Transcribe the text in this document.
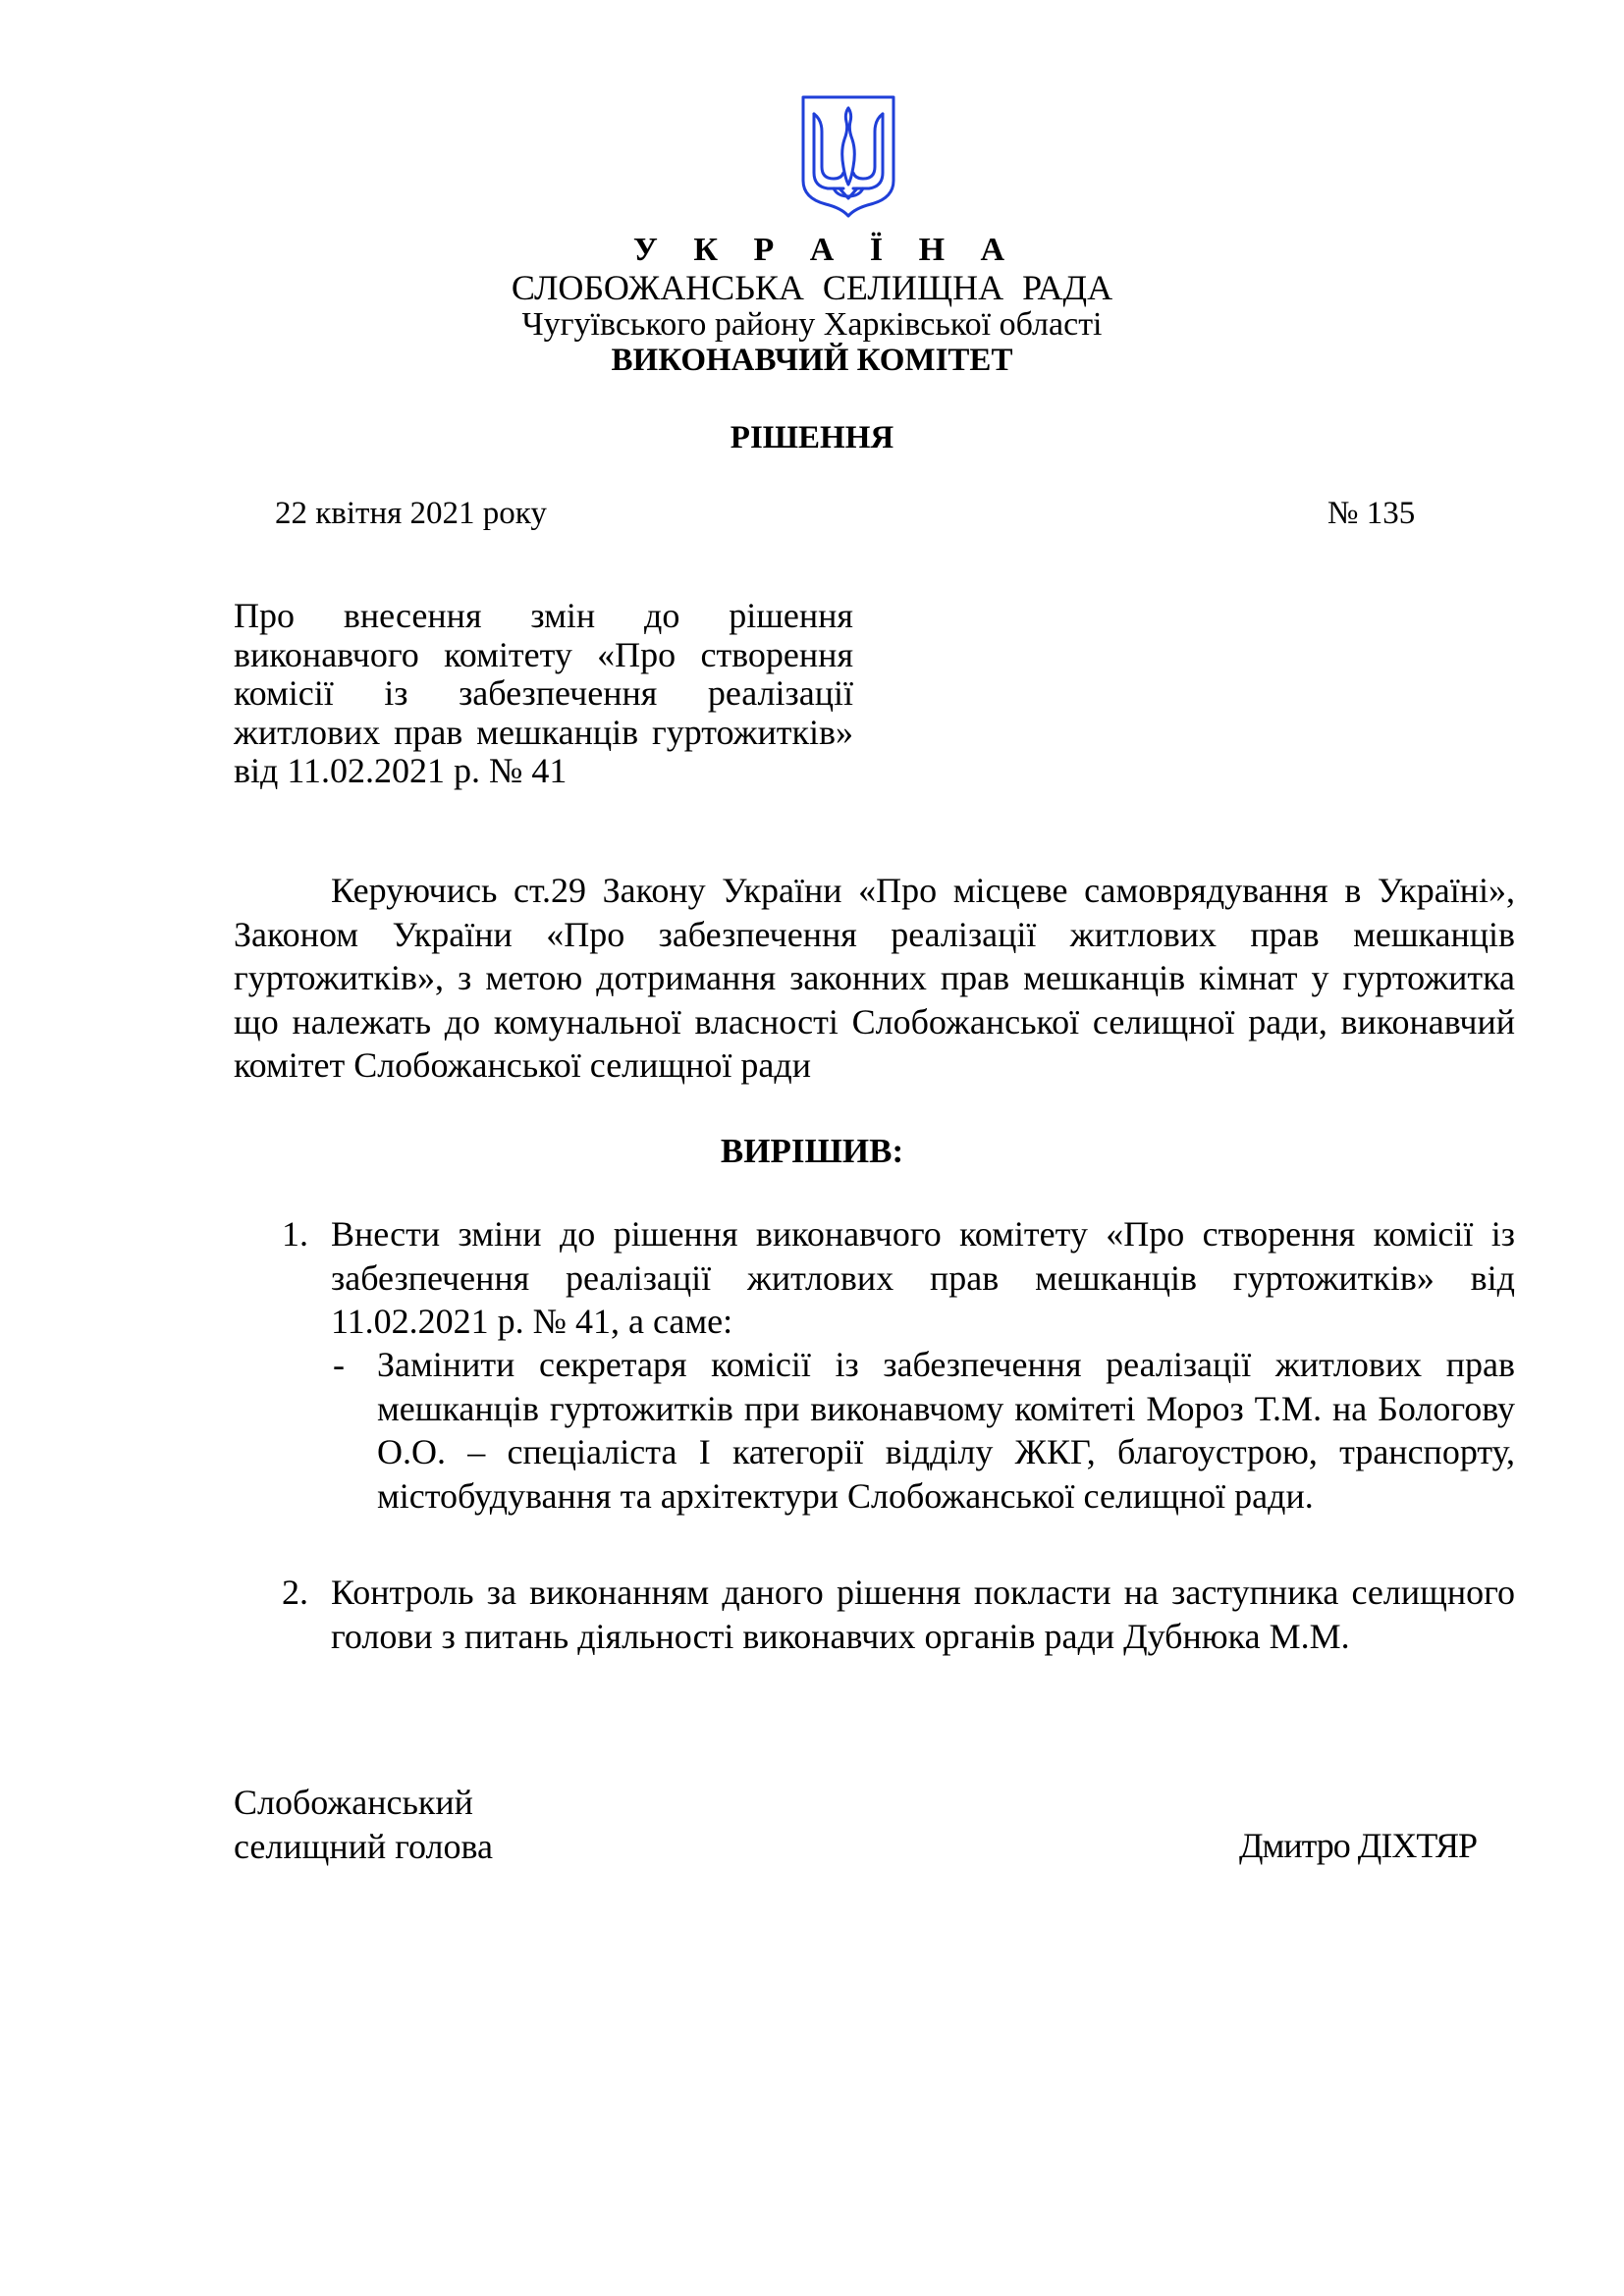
У К Р А Ї Н А
СЛОБОЖАНСЬКА СЕЛИЩНА РАДА
Чугуївського району Харківської області
ВИКОНАВЧИЙ КОМІТЕТ
РІШЕННЯ
22 квітня 2021 року	№ 135
Про внесення змін до рішення виконавчого комітету «Про створення комісії із забезпечення реалізації житлових прав мешканців гуртожитків» від 11.02.2021 р. № 41
Керуючись ст.29 Закону України «Про місцеве самоврядування в Україні», Законом України «Про забезпечення реалізації житлових прав мешканців гуртожитків», з метою дотримання законних прав мешканців кімнат у гуртожитка що належать до комунальної власності Слобожанської селищної ради, виконавчий комітет Слобожанської селищної ради
ВИРІШИВ:
1. Внести зміни до рішення виконавчого комітету «Про створення комісії із забезпечення реалізації житлових прав мешканців гуртожитків» від 11.02.2021 р. № 41, а саме:
- Замінити секретаря комісії із забезпечення реалізації житлових прав мешканців гуртожитків при виконавчому комітеті Мороз Т.М. на Бологову О.О. – спеціаліста І категорії відділу ЖКГ, благоустрою, транспорту, містобудування та архітектури Слобожанської селищної ради.
2. Контроль за виконанням даного рішення покласти на заступника селищного голови з питань діяльності виконавчих органів ради Дубнюка М.М.
Слобожанський
селищний голова	Дмитро ДІХТЯР
